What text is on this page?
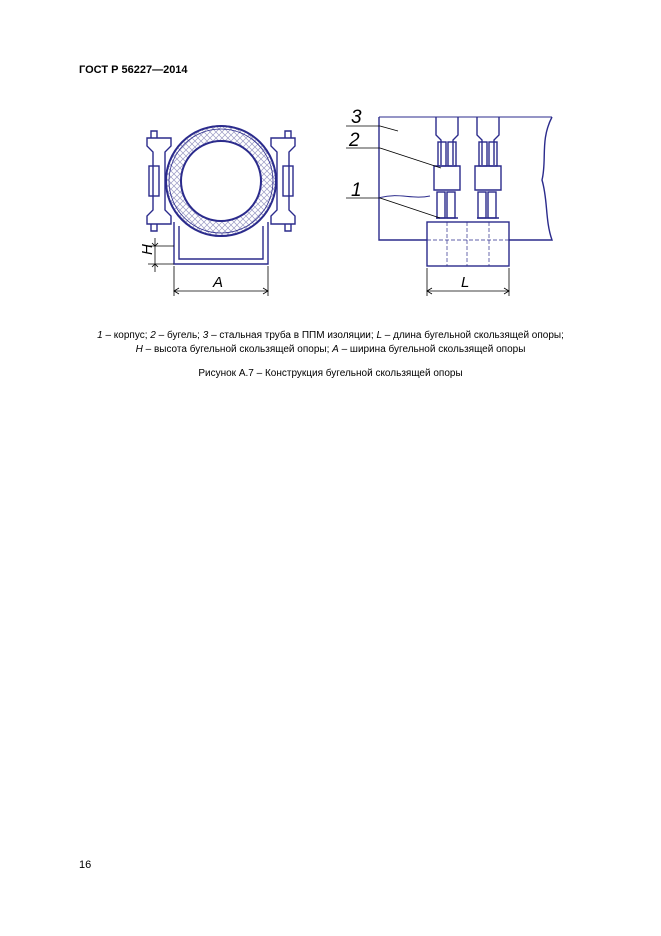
ГОСТ Р 56227—2014
H
A	L
3
2
1
1 – корпус; 2 – бугель; 3 – стальная труба в ППМ изоляции; L – длина бугельной скользящей опоры;
H – высота бугельной скользящей опоры; A – ширина бугельной скользящей опоры
Рисунок А.7 – Конструкция бугельной скользящей опоры
16
